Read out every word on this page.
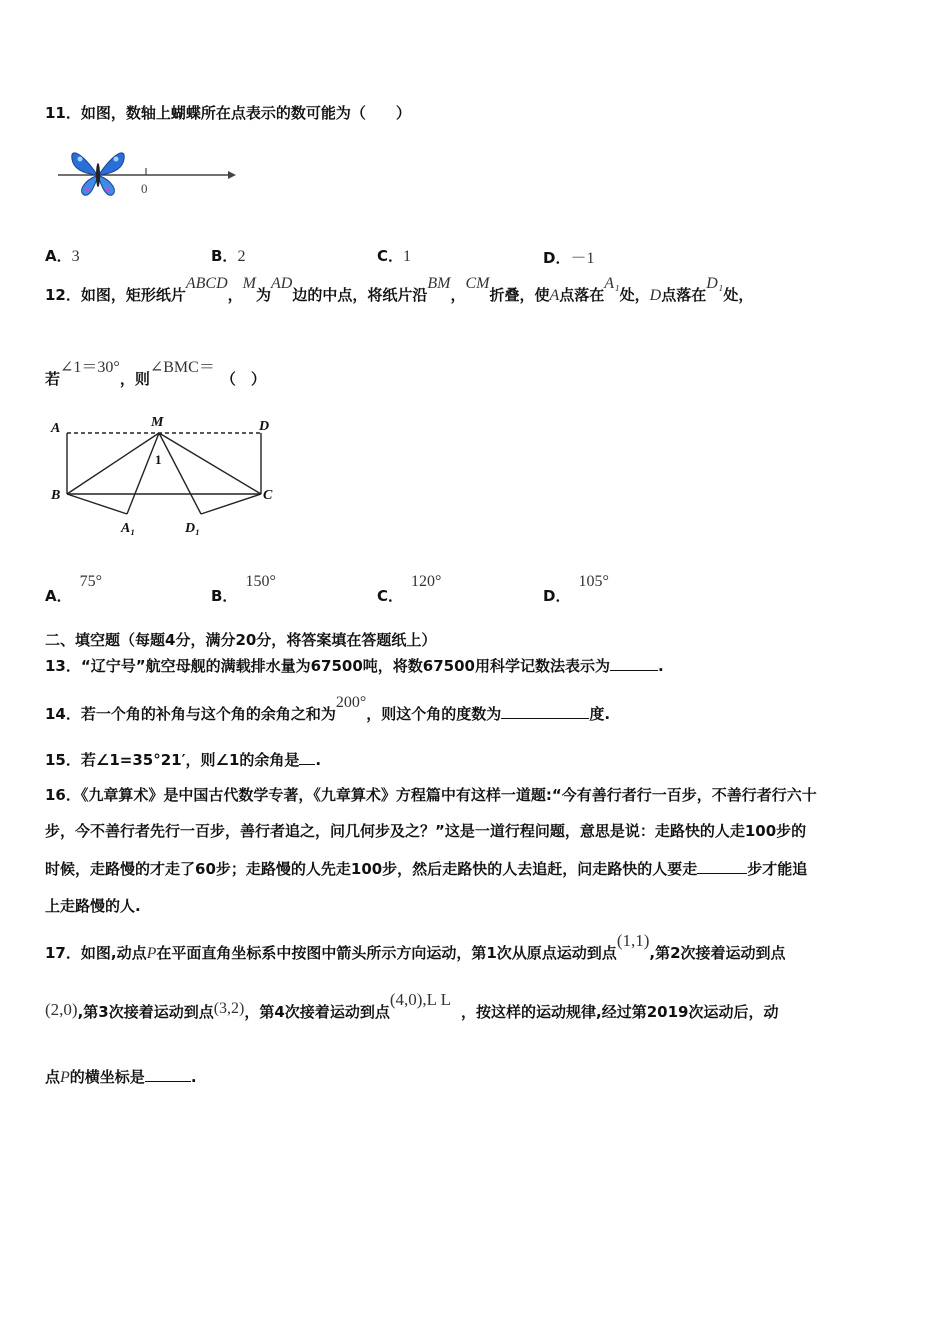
11．如图，数轴上蝴蝶所在点表示的数可能为（　　）
0
A．3	B．2	C．1	D．－1
12．如图，矩形纸片ABCD，M为AD边的中点，将纸片沿BM，CM折叠，使A点落在A₁处，D点落在D₁处，
若∠1＝30°，则∠BMC＝（　）
A	M	D
B	C
A₁	D₁
1
A．75°
B．150°
C．120°
D．105°
二、填空题（每题4分，满分20分，将答案填在答题纸上）
13．“辽宁号”航空母舰的满载排水量为67500吨，将数67500用科学记数法表示为	.
14．若一个角的补角与这个角的余角之和为200°，则这个角的度数为	度.
15．若∠1=35°21′，则∠1的余角是 .
16．《九章算术》是中国古代数学专著，《九章算术》方程篇中有这样一道题:“今有善行者行一百步，不善行者行六十
步，今不善行者先行一百步，善行者追之，问几何步及之？”这是一道行程问题，意思是说：走路快的人走100步的
时候，走路慢的才走了60步；走路慢的人先走100步，然后走路快的人去追赶，问走路快的人要走	步才能追
上走路慢的人.
17．如图,动点P在平面直角坐标系中按图中箭头所示方向运动，第1次从原点运动到点(1,1),第2次接着运动到点
(2,0),第3次接着运动到点(3,2)，第4次接着运动到点(4,0),L L，按这样的运动规律,经过第2019次运动后，动
点P的横坐标是	.
